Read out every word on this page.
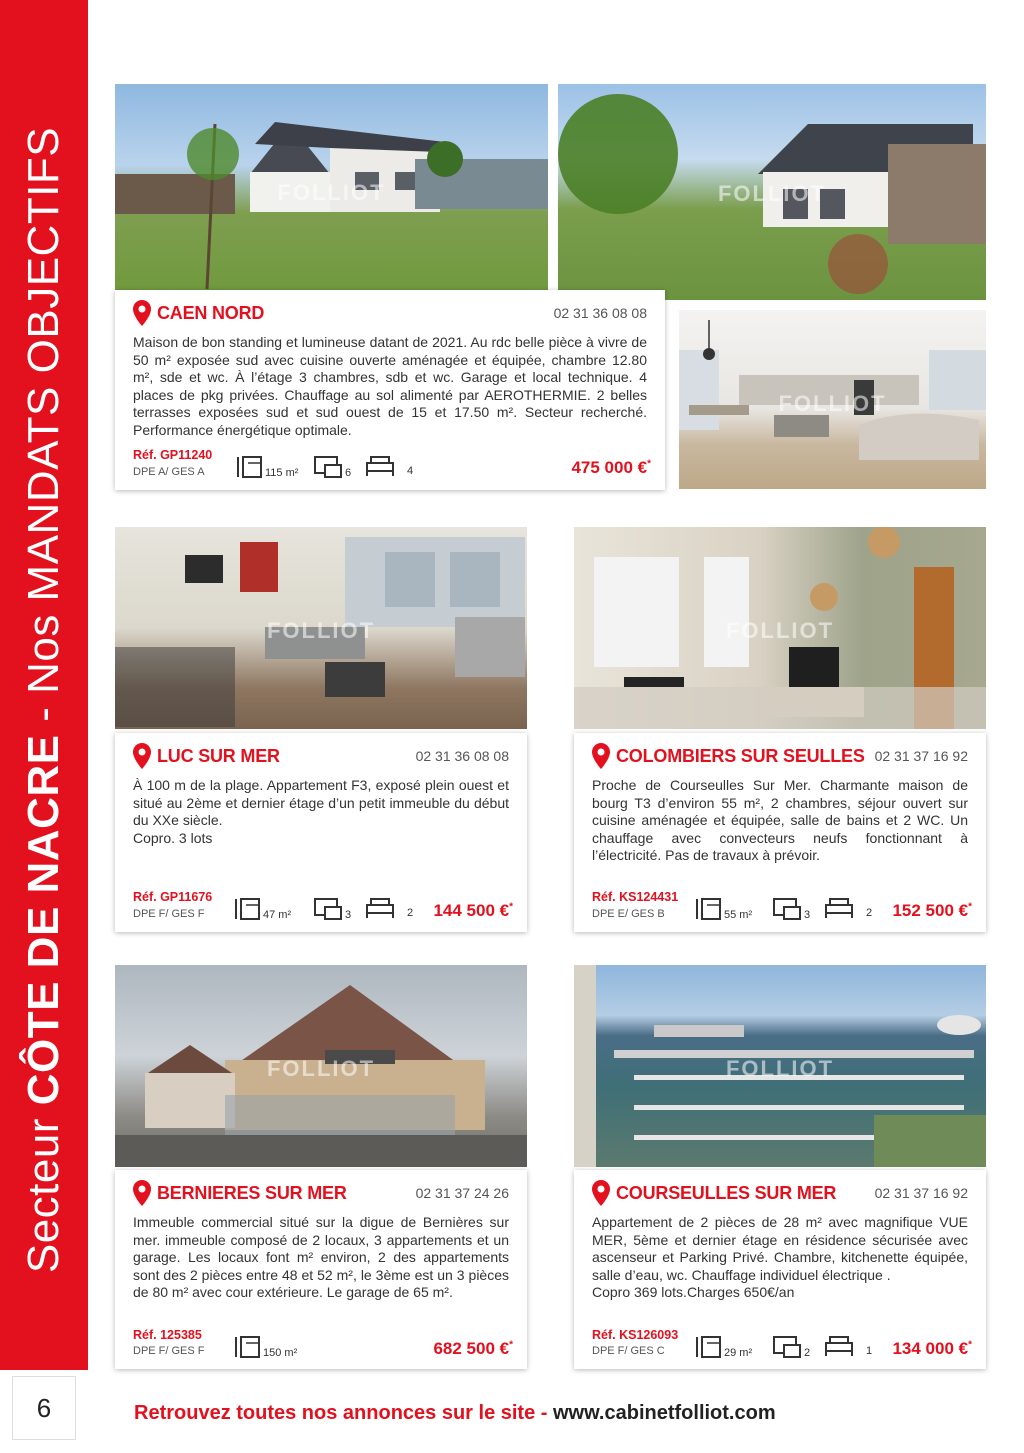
Secteur CÔTE DE NACRE - Nos MANDATS OBJECTIFS
6
FOLLIOT	FOLLIOT
FOLLIOT
CAEN NORD	02 31 36 08 08
Maison de bon standing et lumineuse datant de 2021. Au rdc belle pièce à vivre de 50 m² exposée sud avec cuisine ouverte aménagée et équipée, chambre 12.80 m², sde et wc. À l’étage 3 chambres, sdb et wc. Garage et local technique. 4 places de pkg privées. Chauffage au sol alimenté par AEROTHERMIE. 2 belles terrasses exposées sud et sud ouest de 15 et 17.50 m². Secteur recherché. Performance énergétique optimale.
Réf. GP11240
DPE A/ GES A	115 m²	6	4	475 000 €*
FOLLIOT
LUC SUR MER	02 31 36 08 08
À 100 m de la plage. Appartement F3, exposé plein ouest et situé au 2ème et dernier étage d’un petit immeuble du début du XXe siècle.
Copro. 3 lots
Réf. GP11676
DPE F/ GES F	47 m²	3	2 144 500 €*
FOLLIOT
COLOMBIERS SUR SEULLES 02 31 37 16 92
Proche de Courseulles Sur Mer. Charmante maison de bourg T3 d’environ 55 m², 2 chambres, séjour ouvert sur cuisine aménagée et équipée, salle de bains et 2 WC. Un chauffage avec convecteurs neufs fonctionnant à l’électricité. Pas de travaux à prévoir.
Réf. KS124431
DPE E/ GES B	55 m²	3	2 152 500 €*
FOLLIOT
BERNIERES SUR MER	02 31 37 24 26
Immeuble commercial situé sur la digue de Bernières sur mer. immeuble composé de 2 locaux, 3 appartements et un garage. Les locaux font m² environ, 2 des appartements sont des 2 pièces entre 48 et 52 m², le 3ème est un 3 pièces de 80 m² avec cour extérieure. Le garage de 65 m².
Réf. 125385
DPE F/ GES F	150 m²	682 500 €*
FOLLIOT
COURSEULLES SUR MER	02 31 37 16 92
Appartement de 2 pièces de 28 m² avec magnifique VUE MER, 5ème et dernier étage en résidence sécurisée avec ascenseur et Parking Privé. Chambre, kitchenette équipée, salle d’eau, wc. Chauffage individuel électrique .
Copro 369 lots.Charges 650€/an
Réf. KS126093
DPE F/ GES C	29 m²	2	1 134 000 €*
Retrouvez toutes nos annonces sur le site - www.cabinetfolliot.com
